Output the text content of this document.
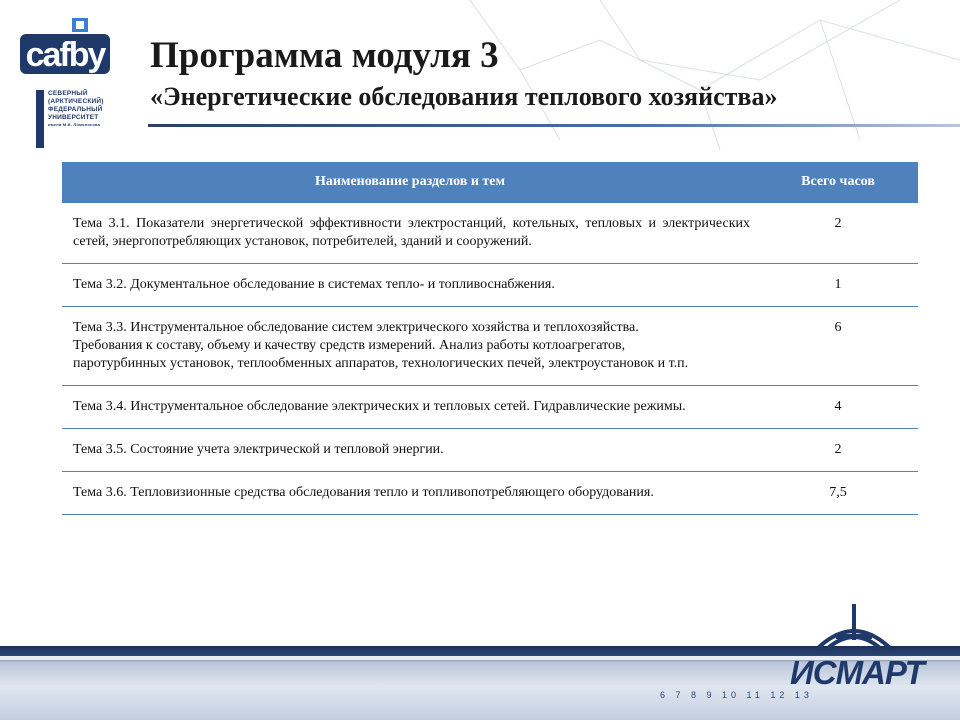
cafby
СЕВЕРНЫЙ
(АРКТИЧЕСКИЙ)
ФЕДЕРАЛЬНЫЙ
УНИВЕРСИТЕТ
имени М.В. Ломоносова
Программа модуля 3
«Энергетические обследования теплового хозяйства»
Наименование разделов и тем	Всего часов
Тема 3.1. Показатели энергетической эффективности электростанций, котельных, тепловых и электрических сетей, энергопотребляющих установок, потребителей, зданий и сооружений.	2
Тема 3.2. Документальное обследование в системах тепло- и топливоснабжения.	1
Тема 3.3. Инструментальное обследование систем электрического хозяйства и теплохозяйства. Требования к составу, объему и качеству средств измерений. Анализ работы котлоагрегатов, паротурбинных установок, теплообменных аппаратов, технологических печей, электроустановок и т.п.	6
Тема 3.4. Инструментальное обследование электрических и тепловых сетей. Гидравлические режимы.	4
Тема 3.5. Состояние учета электрической и тепловой энергии.	2
Тема 3.6. Тепловизионные средства обследования тепло и топливопотребляющего оборудования.	7,5
6 7 8 9 10 11 12 13
ИСМАРТ
